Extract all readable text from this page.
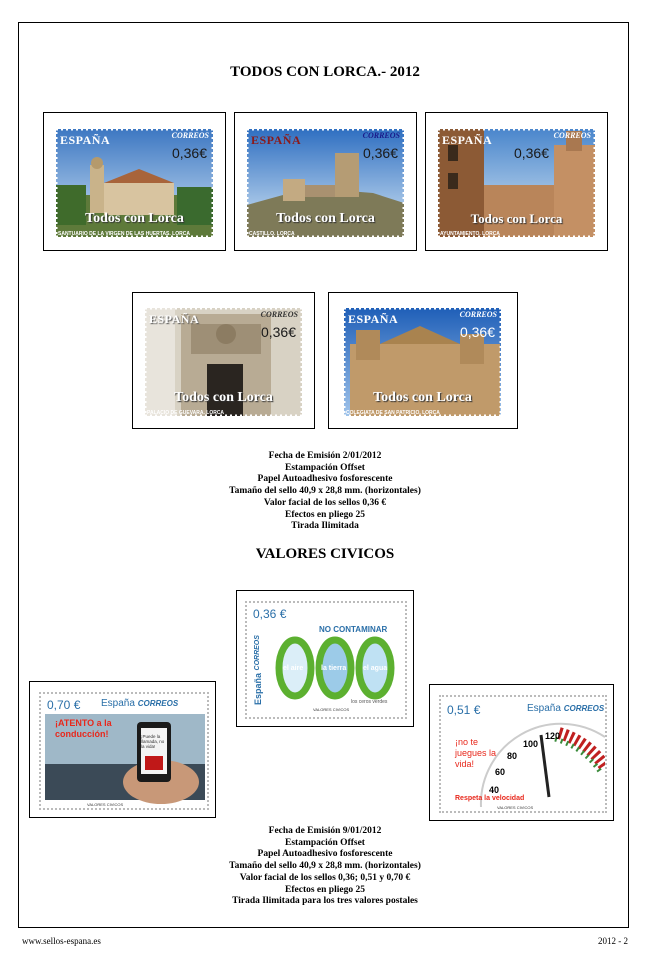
TODOS CON LORCA.- 2012
ESPAÑA	CORREOS
0,36€
Todos con Lorca
SANTUARIO DE LA VIRGEN DE LAS HUERTAS. LORCA
ESPAÑA	CORREOS
0,36€
Todos con Lorca
CASTILLO. LORCA
0,36€
CORREOS
ESPAÑA
Todos con Lorca
AYUNTAMIENTO. LORCA
ESPAÑA	CORREOS
0,36€
Todos con Lorca
PALACIO DE GUEVARA. LORCA
ESPAÑA	CORREOS
0,36€
Todos con Lorca
COLEGIATA DE SAN PATRICIO. LORCA
Fecha de Emisión 2/01/2012
Estampación Offset
Papel Autoadhesivo fosforescente
Tamaño del sello 40,9 x 28,8 mm. (horizontales)
Valor facial de los sellos 0,36 €
Efectos en pliego 25
Tirada Ilimitada
VALORES CIVICOS
0,36 €
España CORREOS
NO CONTAMINAR
el aire	la tierra el agua
los ceros verdes
VALORES CIVICOS
0,70 € España CORREOS
¡ATENTO a la conducción!	¡Puede la llamada, no la vida!
VALORES CIVICOS
0,51 €	España CORREOS
¡no te juegues la vida!
40
60
80
100
120
Respeta la velocidad
VALORES CIVICOS
Fecha de Emisión 9/01/2012
Estampación Offset
Papel Autoadhesivo fosforescente
Tamaño del sello 40,9 x 28,8 mm. (horizontales)
Valor facial de los sellos 0,36; 0,51 y 0,70 €
Efectos en pliego 25
Tirada Ilimitada para los tres valores postales
www.sellos-espana.es	2012 - 2
